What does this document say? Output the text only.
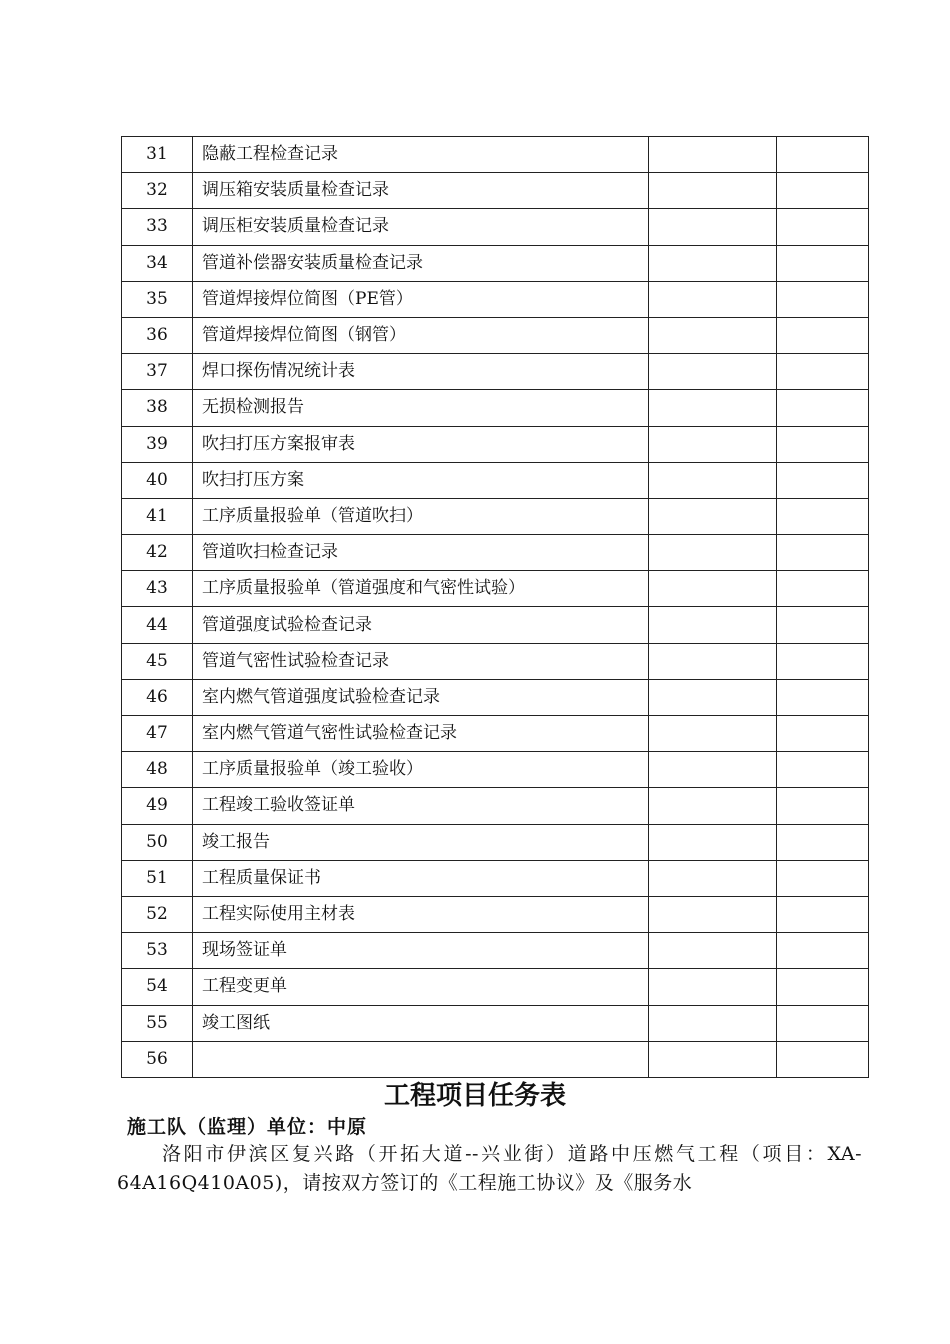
31	隐蔽工程检查记录		
32	调压箱安装质量检查记录		
33	调压柜安装质量检查记录		
34	管道补偿器安装质量检查记录		
35	管道焊接焊位简图（PE管）		
36	管道焊接焊位简图（钢管）		
37	焊口探伤情况统计表		
38	无损检测报告		
39	吹扫打压方案报审表		
40	吹扫打压方案		
41	工序质量报验单（管道吹扫）		
42	管道吹扫检查记录		
43	工序质量报验单（管道强度和气密性试验）		
44	管道强度试验检查记录		
45	管道气密性试验检查记录		
46	室内燃气管道强度试验检查记录		
47	室内燃气管道气密性试验检查记录		
48	工序质量报验单（竣工验收）		
49	工程竣工验收签证单		
50	竣工报告		
51	工程质量保证书		
52	工程实际使用主材表		
53	现场签证单		
54	工程变更单		
55	竣工图纸		
56			
工程项目任务表
施工队（监理）单位：中原

洛阳市伊滨区复兴路（开拓大道--兴业街）道路中压燃气工程（项目：XA-64A16Q410A05)，请按双方签订的《工程施工协议》及《服务水
